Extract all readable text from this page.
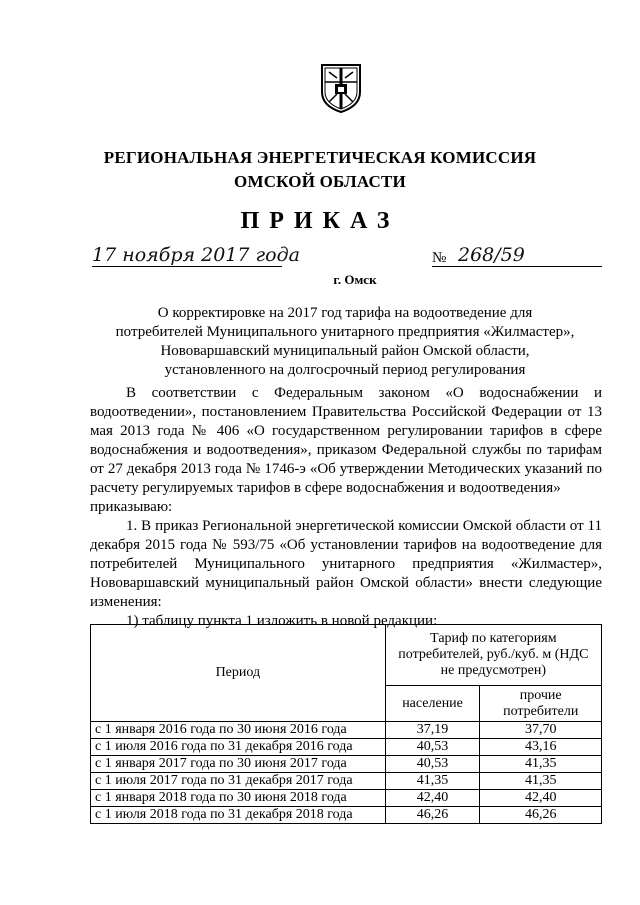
РЕГИОНАЛЬНАЯ ЭНЕРГЕТИЧЕСКАЯ КОМИССИЯ
ОМСКОЙ ОБЛАСТИ
ПРИКАЗ
17 ноября 2017 года	№ 268/59
г. Омск
О корректировке на 2017 год тарифа на водоотведение для
потребителей Муниципального унитарного предприятия «Жилмастер»,
Нововаршавский муниципальный район Омской области,
установленного на долгосрочный период регулирования

В соответствии с Федеральным законом «О водоснабжении и водоотведении», постановлением Правительства Российской Федерации от 13 мая 2013 года № 406 «О государственном регулировании тарифов в сфере водоснабжения и водоотведения», приказом Федеральной службы по тарифам от 27 декабря 2013 года № 1746-э «Об утверждении Методических указаний по расчету регулируемых тарифов в сфере водоснабжения и водоотведения»

приказываю:

1. В приказ Региональной энергетической комиссии Омской области от 11 декабря 2015 года № 593/75 «Об установлении тарифов на водоотведение для потребителей Муниципального унитарного предприятия «Жилмастер», Нововаршавский муниципальный район Омской области» внести следующие изменения:

1) таблицу пункта 1 изложить в новой редакции:

Период	Тариф по категориям потребителей, руб./куб. м (НДС не предусмотрен)	
	население	прочие потребители
с 1 января 2016 года по 30 июня 2016 года	37,19	37,70
с 1 июля 2016 года по 31 декабря 2016 года	40,53	43,16
с 1 января 2017 года по 30 июня 2017 года	40,53	41,35
с 1 июля 2017 года по 31 декабря 2017 года	41,35	41,35
с 1 января 2018 года по 30 июня 2018 года	42,40	42,40
с 1 июля 2018 года по 31 декабря 2018 года	46,26	46,26
